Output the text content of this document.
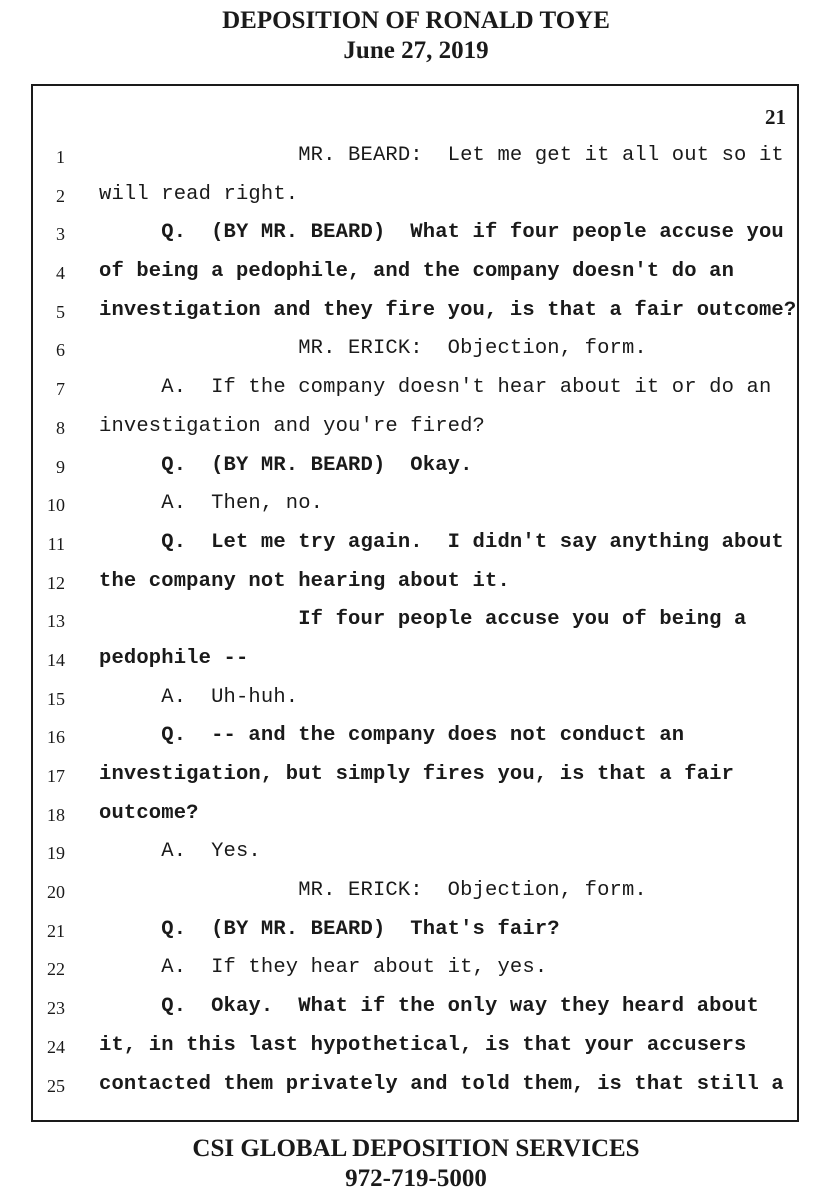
DEPOSITION OF RONALD TOYE
June 27, 2019
21
1 MR. BEARD:  Let me get it all out so it
2 will read right.
3 Q.  (BY MR. BEARD)  What if four people accuse you
4 of being a pedophile, and the company doesn't do an
5 investigation and they fire you, is that a fair outcome?
6 MR. ERICK:  Objection, form.
7 A.  If the company doesn't hear about it or do an
8 investigation and you're fired?
9 Q.  (BY MR. BEARD)  Okay.
10 A.  Then, no.
11 Q.  Let me try again.  I didn't say anything about
12 the company not hearing about it.
13 If four people accuse you of being a
14 pedophile --
15 A.  Uh-huh.
16 Q.  -- and the company does not conduct an
17 investigation, but simply fires you, is that a fair
18 outcome?
19 A.  Yes.
20 MR. ERICK:  Objection, form.
21 Q.  (BY MR. BEARD)  That's fair?
22 A.  If they hear about it, yes.
23 Q.  Okay.  What if the only way they heard about
24 it, in this last hypothetical, is that your accusers
25 contacted them privately and told them, is that still a
CSI GLOBAL DEPOSITION SERVICES
972-719-5000
